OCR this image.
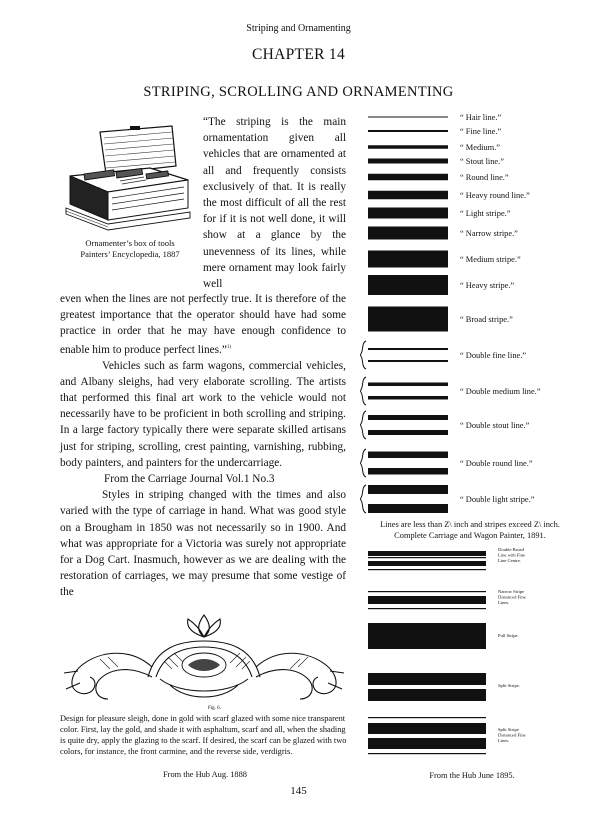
Striping and Ornamenting
CHAPTER 14
STRIPING, SCROLLING AND ORNAMENTING
Ornamenter’s box of tools
Painters’ Encyclopedia, 1887
“The striping is the main ornamentation given all vehicles that are ornamented at all and frequently consists exclusively of that. It is really the most difficult of all the rest for if it is not well done, it will show at a glance by the unevenness of its lines, while mere ornament may look fairly well

even when the lines are not perfectly true. It is therefore of the greatest importance that the operator should have had some practice in order that he may have enough confidence to enable him to produce perfect lines.”$^{1)}$

Vehicles such as farm wagons, commercial vehicles, and Albany sleighs, had very elaborate scrolling. The artists that performed this final art work to the vehicle would not necessarily have to be proficient in both scrolling and striping. In a large factory typically there were separate skilled artisans just for striping, scrolling, crest painting, varnishing, rubbing, body painters, and painters for the undercarriage.

From the Carriage Journal Vol.1 No.3

Styles in striping changed with the times and also varied with the type of carriage in hand. What was good style on a Brougham in 1850 was not necessarily so in 1900. And what was appropriate for a Victoria was surely not appropriate for a Dog Cart. Inasmuch, however as we are dealing with the restoration of carriages, we may presume that some vestige of the

Fig. 6.
Design for pleasure sleigh, done in gold with scarf glazed with some nice transparent color. First, lay the gold, and shade it with asphaltum, scarf and all, when the shading is quite dry, apply the glazing to the scarf. If desired, the scarf can be glazed with two colors, for instance, the front carmine, and the reverse side, verdigris.
From the Hub Aug. 1888
“ Hair line.”
“ Fine line.”
“ Medium.”
“ Stout line.”
“ Round line.”
“ Heavy round line.”
“ Light stripe.”
“ Narrow stripe.”
“ Medium stripe.”
“ Heavy stripe.”
“ Broad stripe.”
“ Double fine line.”
“ Double medium line.”
“ Double stout line.”
“ Double round line.”
“ Double light stripe.”
Lines are less than Z\ inch and stripes exceed Z\ inch.
Complete Carriage and Wagon Painter, 1891.
Double Broad Line with Fine Line Centre.
Narrow Stripe Distanced Fine Lines.
Full Stripe.
Split Stripe.
Split Stripe Distanced Fine Lines.
From the Hub June 1895.
145
